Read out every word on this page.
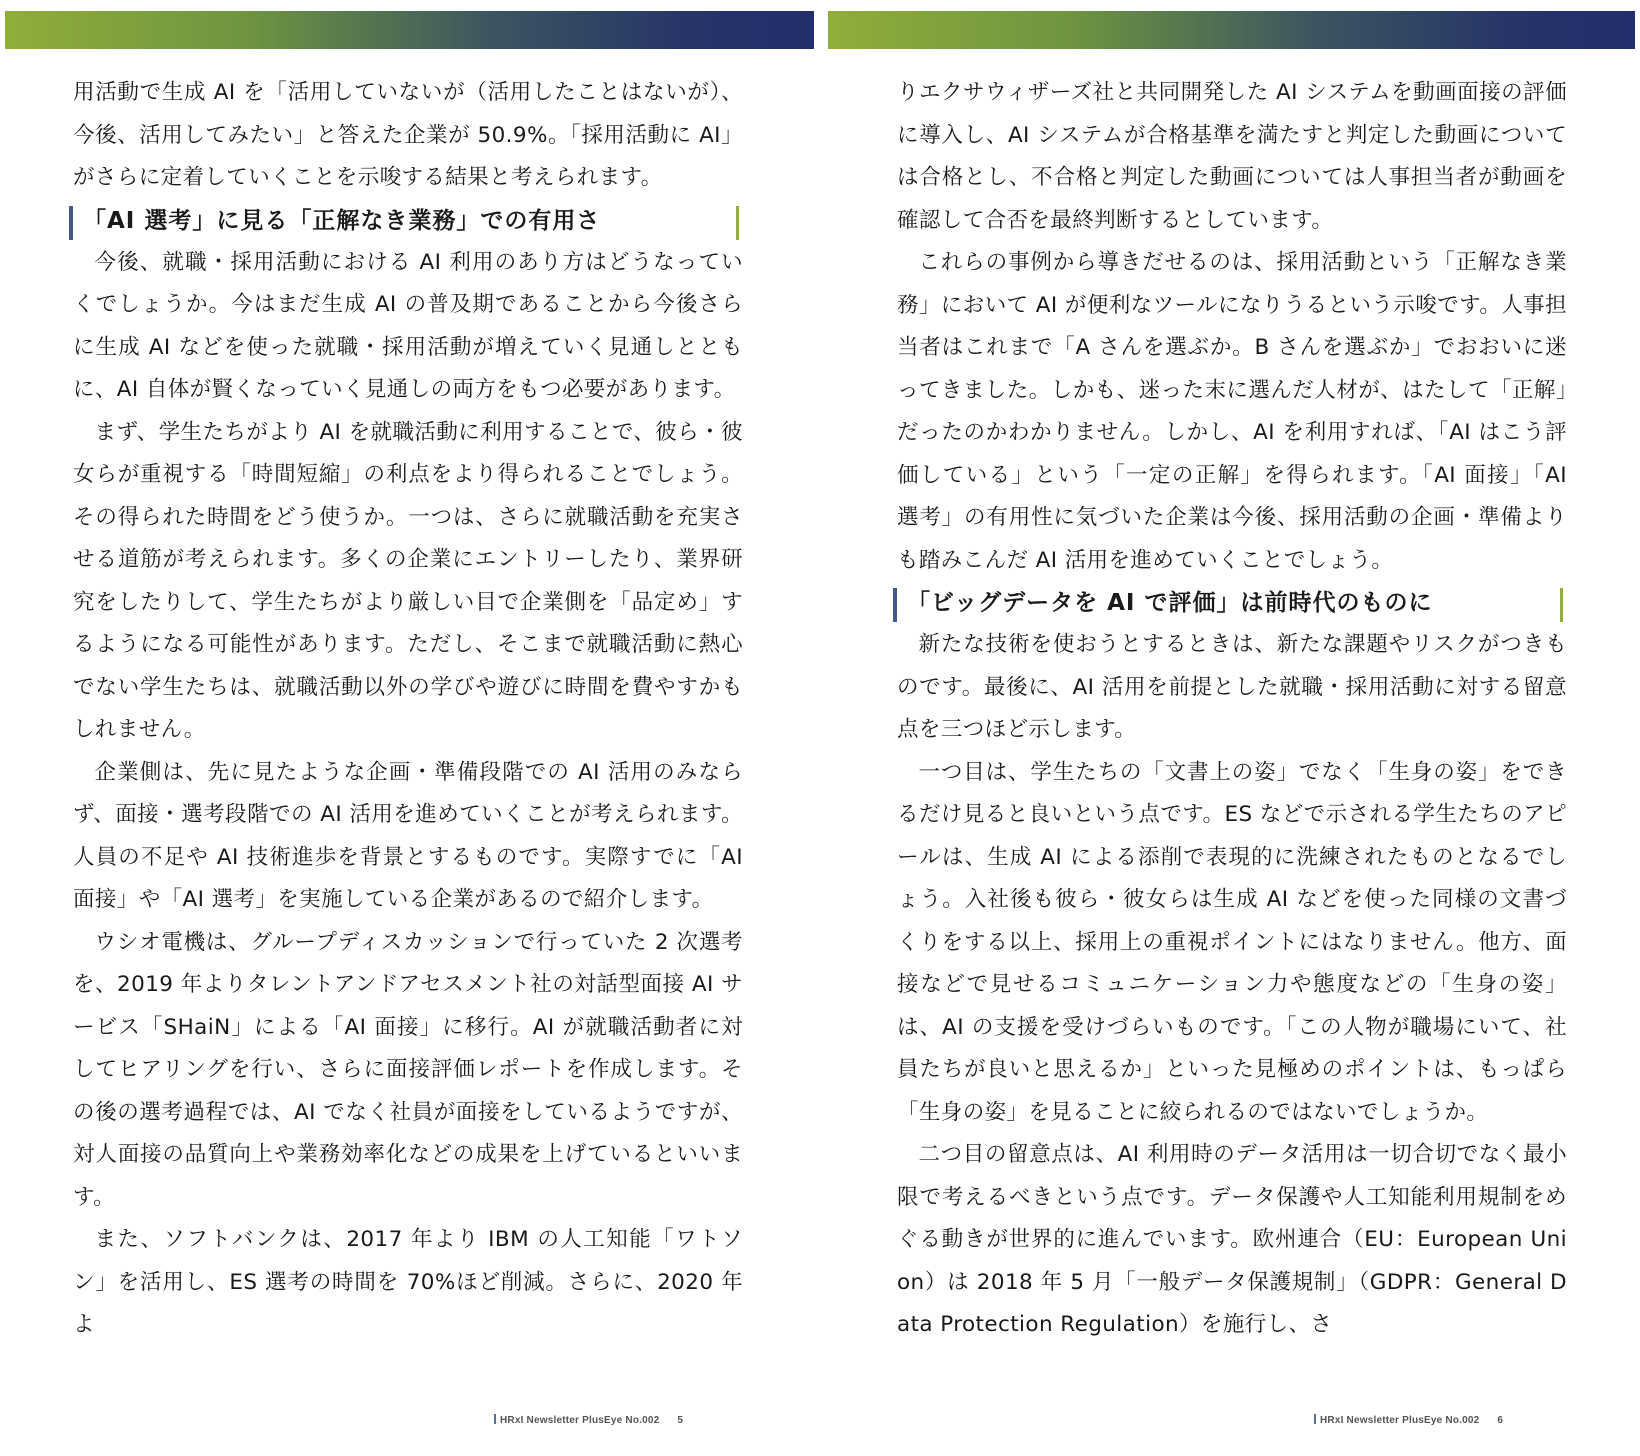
用活動で生成 AI を「活用していないが（活用したことはないが）、今後、活用してみたい」と答えた企業が 50.9%。「採用活動に AI」がさらに定着していくことを示唆する結果と考えられます。

「AI 選考」に見る「正解なき業務」での有用さ

今後、就職・採用活動における AI 利用のあり方はどうなっていくでしょうか。今はまだ生成 AI の普及期であることから今後さらに生成 AI などを使った就職・採用活動が増えていく見通しとともに、AI 自体が賢くなっていく見通しの両方をもつ必要があります。

まず、学生たちがより AI を就職活動に利用することで、彼ら・彼女らが重視する「時間短縮」の利点をより得られることでしょう。その得られた時間をどう使うか。一つは、さらに就職活動を充実させる道筋が考えられます。多くの企業にエントリーしたり、業界研究をしたりして、学生たちがより厳しい目で企業側を「品定め」するようになる可能性があります。ただし、そこまで就職活動に熱心でない学生たちは、就職活動以外の学びや遊びに時間を費やすかもしれません。

企業側は、先に見たような企画・準備段階での AI 活用のみならず、面接・選考段階での AI 活用を進めていくことが考えられます。人員の不足や AI 技術進歩を背景とするものです。実際すでに「AI 面接」や「AI 選考」を実施している企業があるので紹介します。

ウシオ電機は、グループディスカッションで行っていた 2 次選考を、2019 年よりタレントアンドアセスメント社の対話型面接 AI サービス「SHaiN」による「AI 面接」に移行。AI が就職活動者に対してヒアリングを行い、さらに面接評価レポートを作成します。その後の選考過程では、AI でなく社員が面接をしているようですが、対人面接の品質向上や業務効率化などの成果を上げているといいます。

また、ソフトバンクは、2017 年より IBM の人工知能「ワトソン」を活用し、ES 選考の時間を 70%ほど削減。さらに、2020 年よ

HRxI Newsletter PlusEye No.002 5

りエクサウィザーズ社と共同開発した AI システムを動画面接の評価に導入し、AI システムが合格基準を満たすと判定した動画については合格とし、不合格と判定した動画については人事担当者が動画を確認して合否を最終判断するとしています。

これらの事例から導きだせるのは、採用活動という「正解なき業務」において AI が便利なツールになりうるという示唆です。人事担当者はこれまで「A さんを選ぶか。B さんを選ぶか」でおおいに迷ってきました。しかも、迷った末に選んだ人材が、はたして「正解」だったのかわかりません。しかし、AI を利用すれば、「AI はこう評価している」という「一定の正解」を得られます。「AI 面接」「AI 選考」の有用性に気づいた企業は今後、採用活動の企画・準備よりも踏みこんだ AI 活用を進めていくことでしょう。

「ビッグデータを AI で評価」は前時代のものに

新たな技術を使おうとするときは、新たな課題やリスクがつきものです。最後に、AI 活用を前提とした就職・採用活動に対する留意点を三つほど示します。

一つ目は、学生たちの「文書上の姿」でなく「生身の姿」をできるだけ見ると良いという点です。ES などで示される学生たちのアピールは、生成 AI による添削で表現的に洗練されたものとなるでしょう。入社後も彼ら・彼女らは生成 AI などを使った同様の文書づくりをする以上、採用上の重視ポイントにはなりません。他方、面接などで見せるコミュニケーション力や態度などの「生身の姿」は、AI の支援を受けづらいものです。「この人物が職場にいて、社員たちが良いと思えるか」といった見極めのポイントは、もっぱら「生身の姿」を見ることに絞られるのではないでしょうか。

二つ目の留意点は、AI 利用時のデータ活用は一切合切でなく最小限で考えるべきという点です。データ保護や人工知能利用規制をめぐる動きが世界的に進んでいます。欧州連合（EU：European Union）は 2018 年 5 月「一般データ保護規制」（GDPR：General Data Protection Regulation）を施行し、さ

HRxI Newsletter PlusEye No.002 6
